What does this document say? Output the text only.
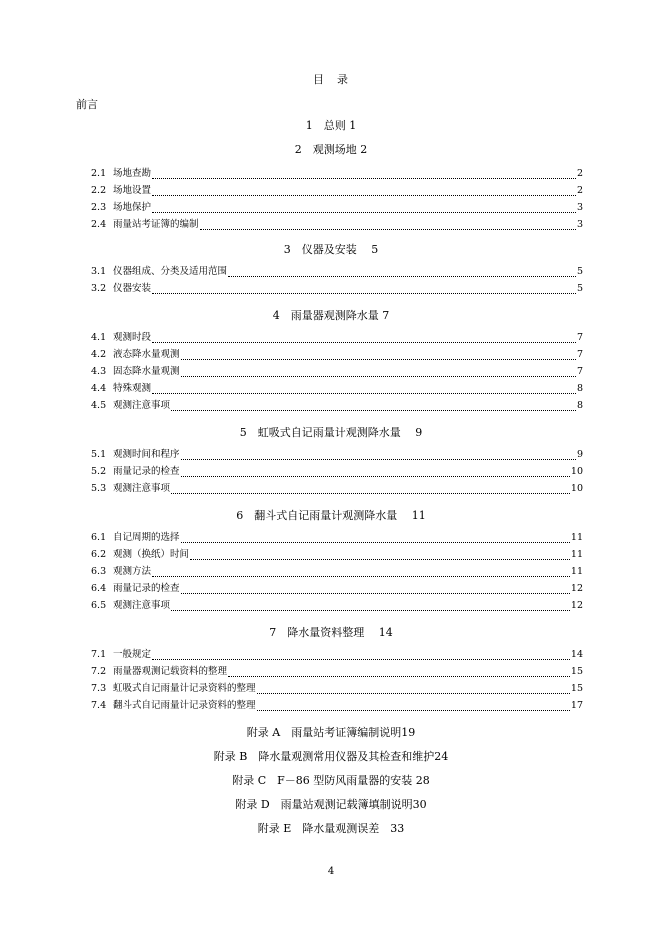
目　录
前言
1　总则 1
2　观测场地 2
2.1 场地查勘	2
2.2 场地设置	2
2.3 场地保护	3
2.4 雨量站考证簿的编制	3
3　仪器及安装　 5
3.1 仪器组成、分类及适用范围	5
3.2 仪器安装	5
4　雨量器观测降水量 7
4.1 观测时段	7
4.2 液态降水量观测	7
4.3 固态降水量观测	7
4.4 特殊观测	8
4.5 观测注意事项	8
5　虹吸式自记雨量计观测降水量　 9
5.1 观测时间和程序	9
5.2 雨量记录的检查	10
5.3 观测注意事项	10
6　翻斗式自记雨量计观测降水量　 11
6.1 自记周期的选择	11
6.2 观测（换纸）时间	11
6.3 观测方法	11
6.4 雨量记录的检查	12
6.5 观测注意事项	12
7　降水量资料整理　 14
7.1 一般规定	14
7.2 雨量器观测记载资料的整理	15
7.3 虹吸式自记雨量计记录资料的整理	15
7.4 翻斗式自记雨量计记录资料的整理	17
附录 A　雨量站考证簿编制说明19
附录 B　降水量观测常用仪器及其检查和维护24
附录 C　F－86 型防风雨量器的安装 28
附录 D　雨量站观测记载簿填制说明30
附录 E　降水量观测误差　33
4
